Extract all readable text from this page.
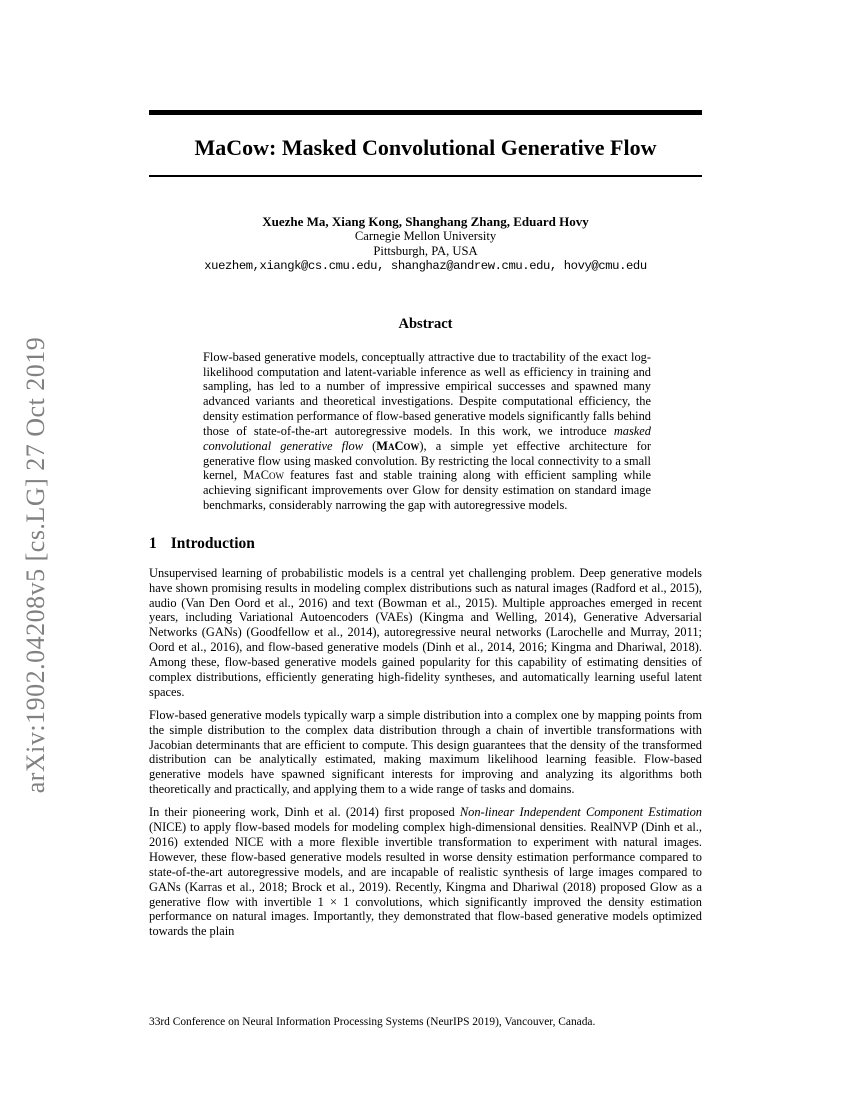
arXiv:1902.04208v5 [cs.LG] 27 Oct 2019
MaCow: Masked Convolutional Generative Flow
Xuezhe Ma, Xiang Kong, Shanghang Zhang, Eduard Hovy
Carnegie Mellon University
Pittsburgh, PA, USA
xuezhem,xiangk@cs.cmu.edu, shanghaz@andrew.cmu.edu, hovy@cmu.edu
Abstract

Flow-based generative models, conceptually attractive due to tractability of the exact log-likelihood computation and latent-variable inference as well as efficiency in training and sampling, has led to a number of impressive empirical successes and spawned many advanced variants and theoretical investigations. Despite computational efficiency, the density estimation performance of flow-based generative models significantly falls behind those of state-of-the-art autoregressive models. In this work, we introduce masked convolutional generative flow (MaCow), a simple yet effective architecture for generative flow using masked convolution. By restricting the local connectivity to a small kernel, MaCow features fast and stable training along with efficient sampling while achieving significant improvements over Glow for density estimation on standard image benchmarks, considerably narrowing the gap with autoregressive models.

1 Introduction

Unsupervised learning of probabilistic models is a central yet challenging problem. Deep generative models have shown promising results in modeling complex distributions such as natural images (Radford et al., 2015), audio (Van Den Oord et al., 2016) and text (Bowman et al., 2015). Multiple approaches emerged in recent years, including Variational Autoencoders (VAEs) (Kingma and Welling, 2014), Generative Adversarial Networks (GANs) (Goodfellow et al., 2014), autoregressive neural networks (Larochelle and Murray, 2011; Oord et al., 2016), and flow-based generative models (Dinh et al., 2014, 2016; Kingma and Dhariwal, 2018). Among these, flow-based generative models gained popularity for this capability of estimating densities of complex distributions, efficiently generating high-fidelity syntheses, and automatically learning useful latent spaces.

Flow-based generative models typically warp a simple distribution into a complex one by mapping points from the simple distribution to the complex data distribution through a chain of invertible transformations with Jacobian determinants that are efficient to compute. This design guarantees that the density of the transformed distribution can be analytically estimated, making maximum likelihood learning feasible. Flow-based generative models have spawned significant interests for improving and analyzing its algorithms both theoretically and practically, and applying them to a wide range of tasks and domains.

In their pioneering work, Dinh et al. (2014) first proposed Non-linear Independent Component Estimation (NICE) to apply flow-based models for modeling complex high-dimensional densities. RealNVP (Dinh et al., 2016) extended NICE with a more flexible invertible transformation to experiment with natural images. However, these flow-based generative models resulted in worse density estimation performance compared to state-of-the-art autoregressive models, and are incapable of realistic synthesis of large images compared to GANs (Karras et al., 2018; Brock et al., 2019). Recently, Kingma and Dhariwal (2018) proposed Glow as a generative flow with invertible 1 × 1 convolutions, which significantly improved the density estimation performance on natural images. Importantly, they demonstrated that flow-based generative models optimized towards the plain

33rd Conference on Neural Information Processing Systems (NeurIPS 2019), Vancouver, Canada.
